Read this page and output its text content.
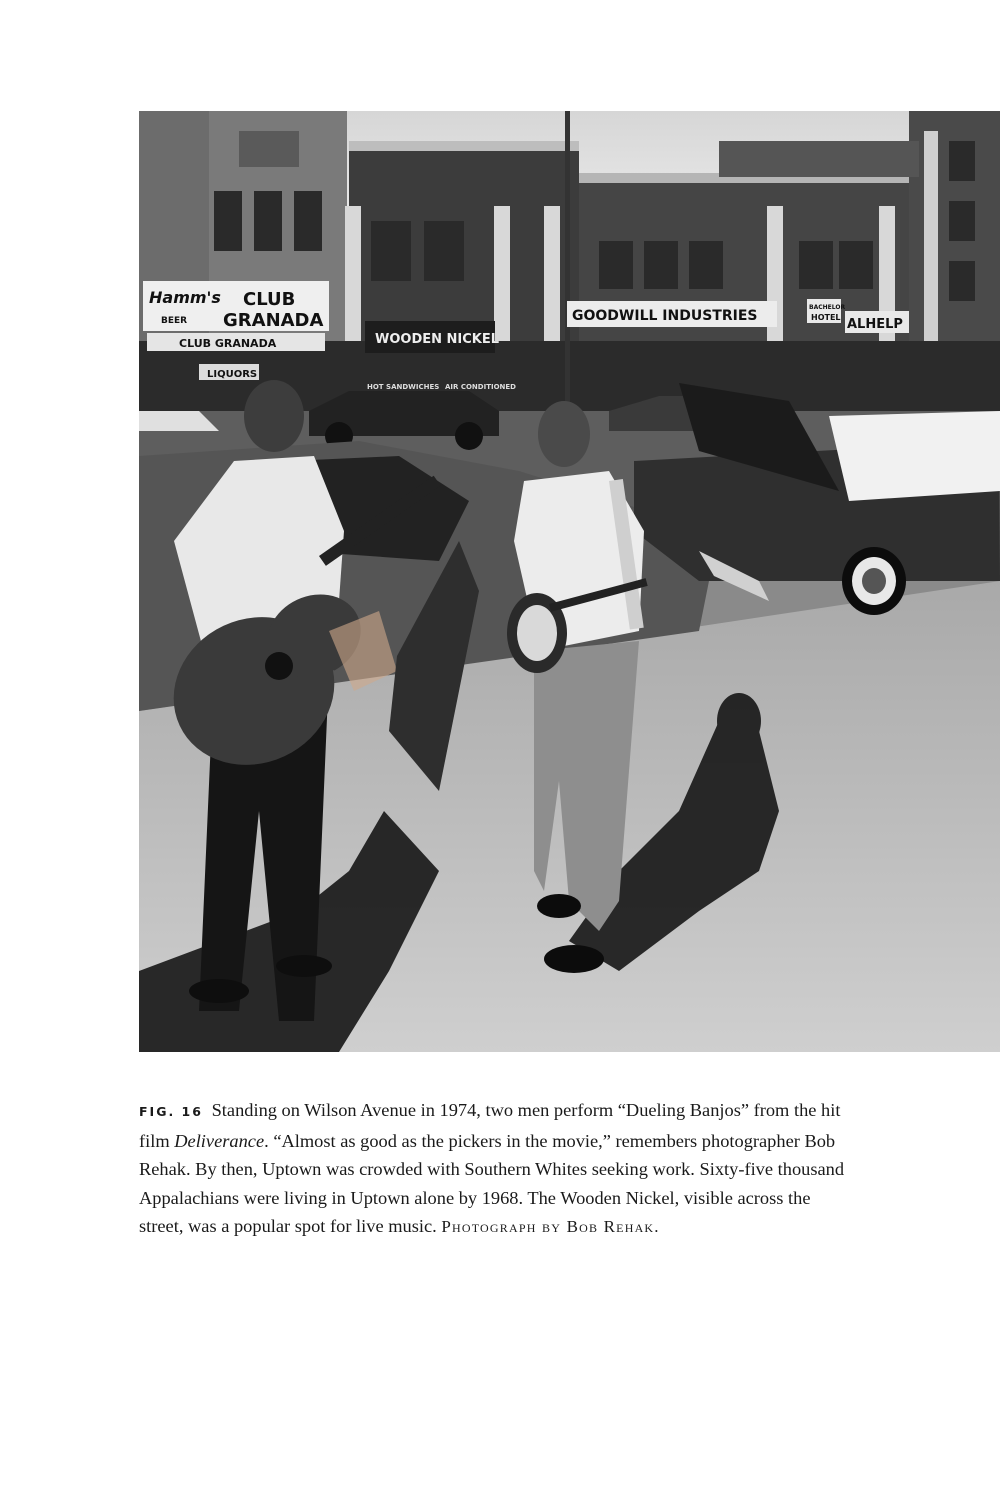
Hamm's
BEER
CLUB
GRANADA
CLUB GRANADA
LIQUORS
WOODEN NICKEL
HOT SANDWICHES AIR CONDITIONED
GOODWILL INDUSTRIES
BACHELOR
HOTEL ALHELP
FIG. 16 Standing on Wilson Avenue in 1974, two men perform “Dueling Banjos” from the hit film Deliverance. “Almost as good as the pickers in the movie,” remembers photographer Bob Rehak. By then, Uptown was crowded with Southern Whites seeking work. Sixty-five thousand Appalachians were living in Uptown alone by 1968. The Wooden Nickel, visible across the street, was a popular spot for live music. Photograph by Bob Rehak.
